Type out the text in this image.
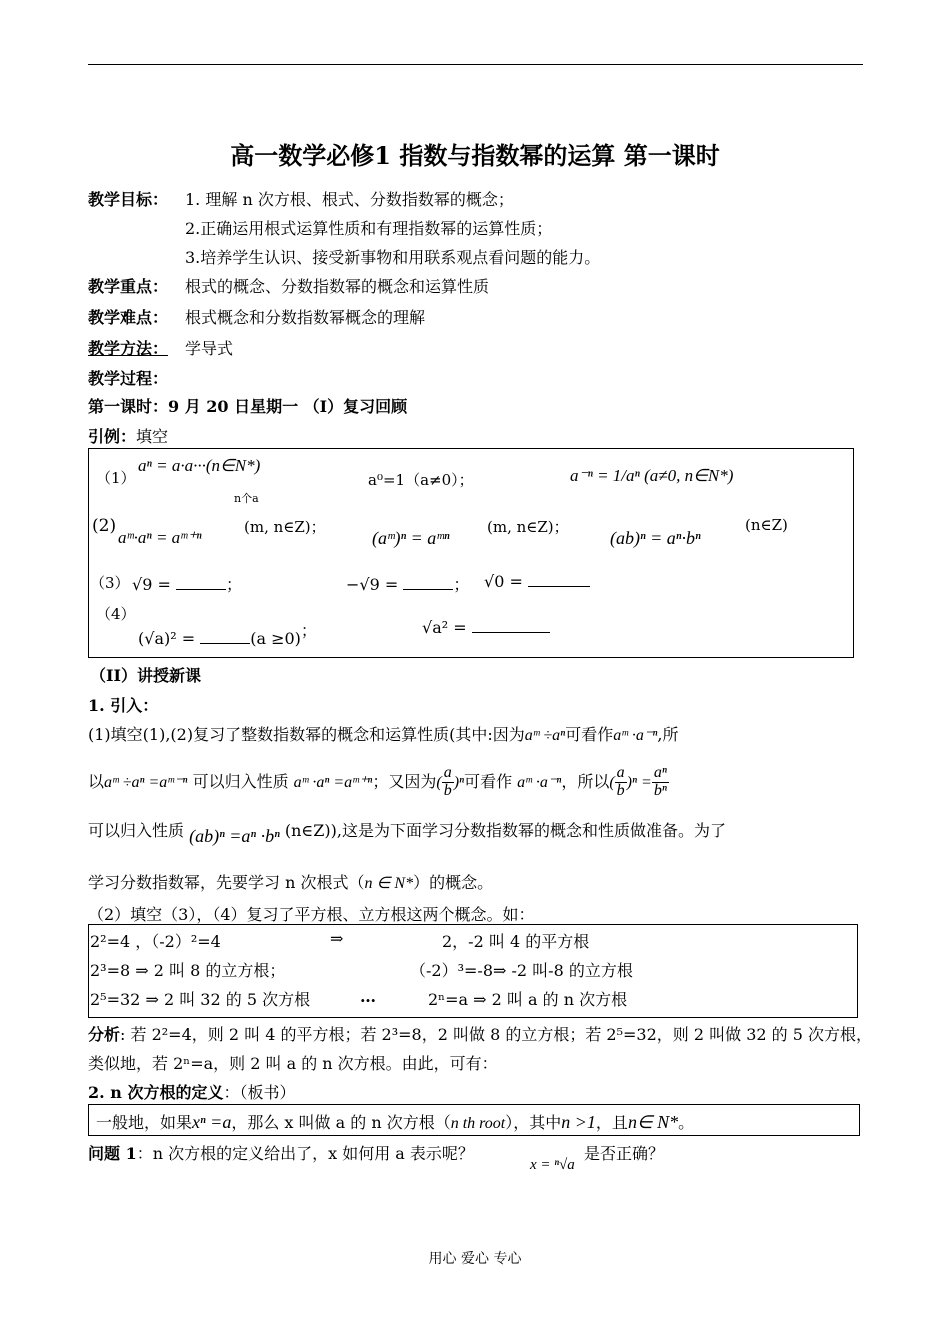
高一数学必修1 指数与指数幂的运算 第一课时
教学目标： 1. 理解 n 次方根、根式、分数指数幂的概念；
2.正确运用根式运算性质和有理指数幂的运算性质；
3.培养学生认识、接受新事物和用联系观点看问题的能力。
教学重点： 根式的概念、分数指数幂的概念和运算性质
教学难点： 根式概念和分数指数幂概念的理解
教学方法： 学导式
教学过程：
第一课时：9 月 20 日星期一 （I）复习回顾
引例：填空
（1）
aⁿ = a·a···(n∈N*)
n个a
a⁰=1（a≠0）；	a⁻ⁿ = 1/aⁿ (a≠0, n∈N*)
(2)
aᵐ·aⁿ = aᵐ⁺ⁿ
(m, n∈Z)；
(aᵐ)ⁿ = aᵐⁿ
(m, n∈Z)；
(ab)ⁿ = aⁿ·bⁿ
(n∈Z)
（3） √9 =	；	−√9 =	； √0 =
（4）
(√a)² =	(a ≥0)；	√a² =
（II）讲授新课
1. 引入：
(1)填空(1),(2)复习了整数指数幂的概念和运算性质(其中:因为aᵐ ÷aⁿ可看作aᵐ ·a⁻ⁿ,所
以aᵐ ÷aⁿ =aᵐ⁻ⁿ 可以归入性质 aᵐ ·aⁿ =aᵐ⁺ⁿ；又因为( $\frac{a}{b} )^n$可看作 aᵐ ·a⁻ⁿ，所以( $\frac{a}{b} )^n = \frac{\text{aⁿ}}{\text{bⁿ}}$
可以归入性质 (ab)ⁿ =aⁿ ·bⁿ (n∈Z)),这是为下面学习分数指数幂的概念和性质做准备。为了
学习分数指数幂，先要学习 n 次根式（n ∈ N*）的概念。
（2）填空（3），（4）复习了平方根、立方根这两个概念。如：
2²=4 ，（-2）²=4	⇒	2，-2 叫 4 的平方根
2³=8 ⇒ 2 叫 8 的立方根；	（-2）³=-8⇒ -2 叫-8 的立方根
2⁵=32 ⇒ 2 叫 32 的 5 次方根	…	2ⁿ=a ⇒ 2 叫 a 的 n 次方根
分析: 若 2²=4，则 2 叫 4 的平方根；若 2³=8，2 叫做 8 的立方根；若 2⁵=32，则 2 叫做 32 的 5 次方根，
类似地，若 2ⁿ=a，则 2 叫 a 的 n 次方根。由此，可有：
2. n 次方根的定义：（板书）
一般地，如果xⁿ =a，那么 x 叫做 a 的 n 次方根（n th root），其中n >1，且n∈ N*。
问题 1：n 次方根的定义给出了，x 如何用 a 表示呢？
x = ⁿ√a
是否正确？
用心 爱心 专心
